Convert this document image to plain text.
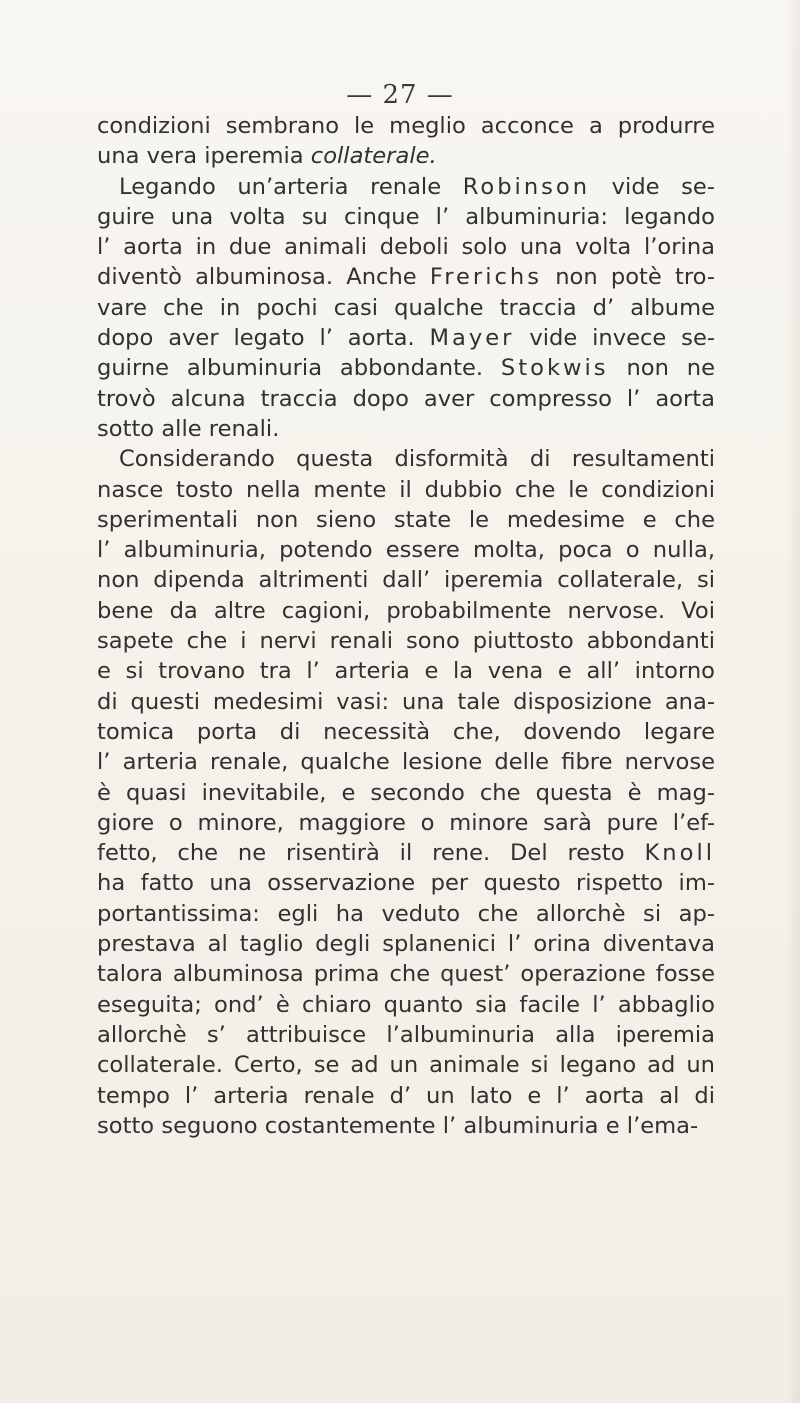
— 27 —
condizioni sembrano le meglio acconce a produrre
una vera iperemia collaterale.
Legando un’arteria renale Robinson vide se-
guire una volta su cinque l’ albuminuria: legando
l’ aorta in due animali deboli solo una volta l’orina
diventò albuminosa. Anche Frerichs non potè tro-
vare che in pochi casi qualche traccia d’ albume
dopo aver legato l’ aorta. Mayer vide invece se-
guirne albuminuria abbondante. Stokwis non ne
trovò alcuna traccia dopo aver compresso l’ aorta
sotto alle renali.
Considerando questa disformità di resultamenti
nasce tosto nella mente il dubbio che le condizioni
sperimentali non sieno state le medesime e che
l’ albuminuria, potendo essere molta, poca o nulla,
non dipenda altrimenti dall’ iperemia collaterale, si
bene da altre cagioni, probabilmente nervose. Voi
sapete che i nervi renali sono piuttosto abbondanti
e si trovano tra l’ arteria e la vena e all’ intorno
di questi medesimi vasi: una tale disposizione ana-
tomica porta di necessità che, dovendo legare
l’ arteria renale, qualche lesione delle fibre nervose
è quasi inevitabile, e secondo che questa è mag-
giore o minore, maggiore o minore sarà pure l’ef-
fetto, che ne risentirà il rene. Del resto Knoll
ha fatto una osservazione per questo rispetto im-
portantissima: egli ha veduto che allorchè si ap-
prestava al taglio degli splanenici l’ orina diventava
talora albuminosa prima che quest’ operazione fosse
eseguita; ond’ è chiaro quanto sia facile l’ abbaglio
allorchè s’ attribuisce l’albuminuria alla iperemia
collaterale. Certo, se ad un animale si legano ad un
tempo l’ arteria renale d’ un lato e l’ aorta al di
sotto seguono costantemente l’ albuminuria e l’ema-
